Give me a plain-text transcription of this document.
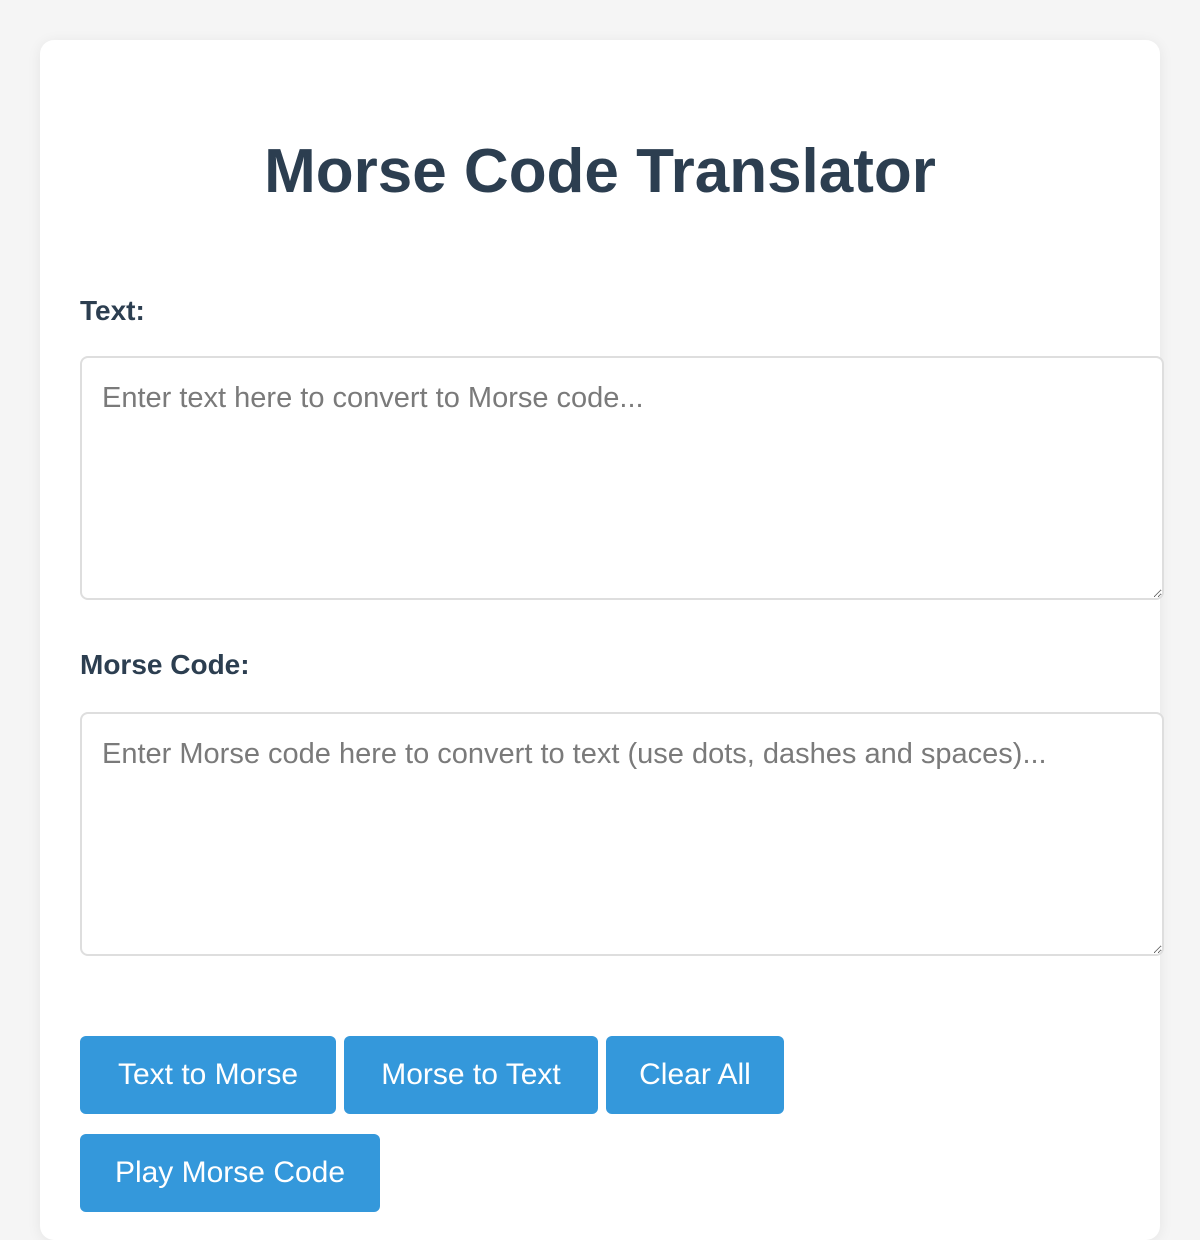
Morse Code Translator
Text:
Enter text here to convert to Morse code...
Morse Code:
Enter Morse code here to convert to text (use dots, dashes and spaces)...
Text to Morse	Morse to Text	Clear All
Play Morse Code
